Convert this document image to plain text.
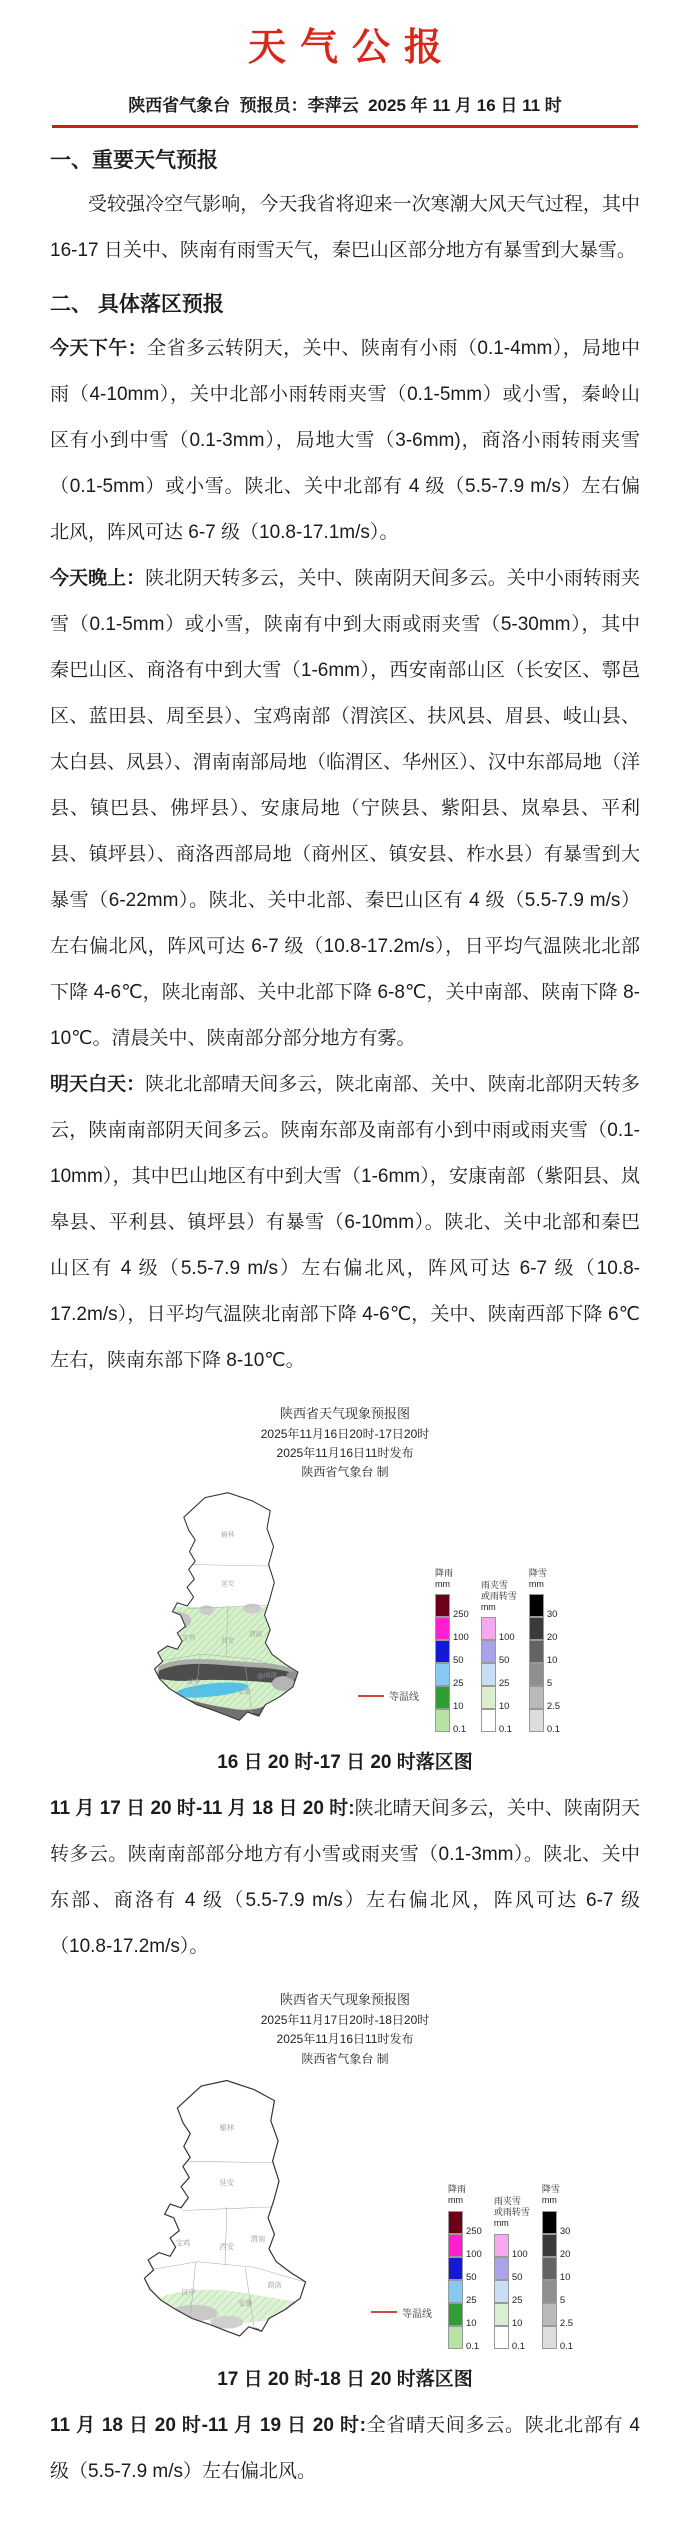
天气公报
陕西省气象台  预报员：李萍云  2025 年 11 月 16 日 11 时
一、重要天气预报

受较强冷空气影响，今天我省将迎来一次寒潮大风天气过程，其中 16-17 日关中、陕南有雨雪天气，秦巴山区部分地方有暴雪到大暴雪。

二、 具体落区预报

今天下午：全省多云转阴天，关中、陕南有小雨（0.1-4mm），局地中雨（4-10mm），关中北部小雨转雨夹雪（0.1-5mm）或小雪，秦岭山区有小到中雪（0.1-3mm），局地大雪（3-6mm)，商洛小雨转雨夹雪（0.1-5mm）或小雪。陕北、关中北部有 4 级（5.5-7.9 m/s）左右偏北风，阵风可达 6-7 级（10.8-17.1m/s）。

今天晚上：陕北阴天转多云，关中、陕南阴天间多云。关中小雨转雨夹雪（0.1-5mm）或小雪，陕南有中到大雨或雨夹雪（5-30mm），其中秦巴山区、商洛有中到大雪（1-6mm），西安南部山区（长安区、鄠邑区、蓝田县、周至县）、宝鸡南部（渭滨区、扶风县、眉县、岐山县、太白县、凤县）、渭南南部局地（临渭区、华州区）、汉中东部局地（洋县、镇巴县、佛坪县）、安康局地（宁陕县、紫阳县、岚皋县、平利县、镇坪县）、商洛西部局地（商州区、镇安县、柞水县）有暴雪到大暴雪（6-22mm）。陕北、关中北部、秦巴山区有 4 级（5.5-7.9 m/s）左右偏北风，阵风可达 6-7 级（10.8-17.2m/s），日平均气温陕北北部下降 4-6℃，陕北南部、关中北部下降 6-8℃，关中南部、陕南下降 8-10℃。清晨关中、陕南部分部分地方有雾。

明天白天：陕北北部晴天间多云，陕北南部、关中、陕南北部阴天转多云，陕南南部阴天间多云。陕南东部及南部有小到中雨或雨夹雪（0.1-10mm），其中巴山地区有中到大雪（1-6mm），安康南部（紫阳县、岚皋县、平利县、镇坪县）有暴雪（6-10mm）。陕北、关中北部和秦巴山区有 4 级（5.5-7.9 m/s）左右偏北风，阵风可达 6-7 级（10.8-17.2m/s），日平均气温陕北南部下降 4-6℃，关中、陕南西部下降 6℃左右，陕南东部下降 8-10℃。

陕西省天气现象预报图
2025年11月16日20时-17日20时
2025年11月16日11时发布
陕西省气象台 制
榆林
延安
宝鸡	西安
渭南
商洛
汉中
安康
等温线
降雨
mm
250
100
50
25
10
0.1
雨夹雪
或雨转雪
mm
100
50
25
10
0.1
降雪
mm
30
20
10
5
2.5
0.1
16 日 20 时-17 日 20 时落区图

11 月 17 日 20 时-11 月 18 日 20 时:陕北晴天间多云，关中、陕南阴天转多云。陕南南部部分地方有小雪或雨夹雪（0.1-3mm）。陕北、关中东部、商洛有 4 级（5.5-7.9 m/s）左右偏北风，阵风可达 6-7 级（10.8-17.2m/s）。

陕西省天气现象预报图
2025年11月17日20时-18日20时
2025年11月16日11时发布
陕西省气象台 制
榆林
延安
宝鸡	西安
渭南
商洛
汉中
安康
等温线
降雨
mm
250
100
50
25
10
0.1
雨夹雪
或雨转雪
mm
100
50
25
10
0.1
降雪
mm
30
20
10
5
2.5
0.1
17 日 20 时-18 日 20 时落区图

11 月 18 日 20 时-11 月 19 日 20 时:全省晴天间多云。陕北北部有 4 级（5.5-7.9 m/s）左右偏北风。
